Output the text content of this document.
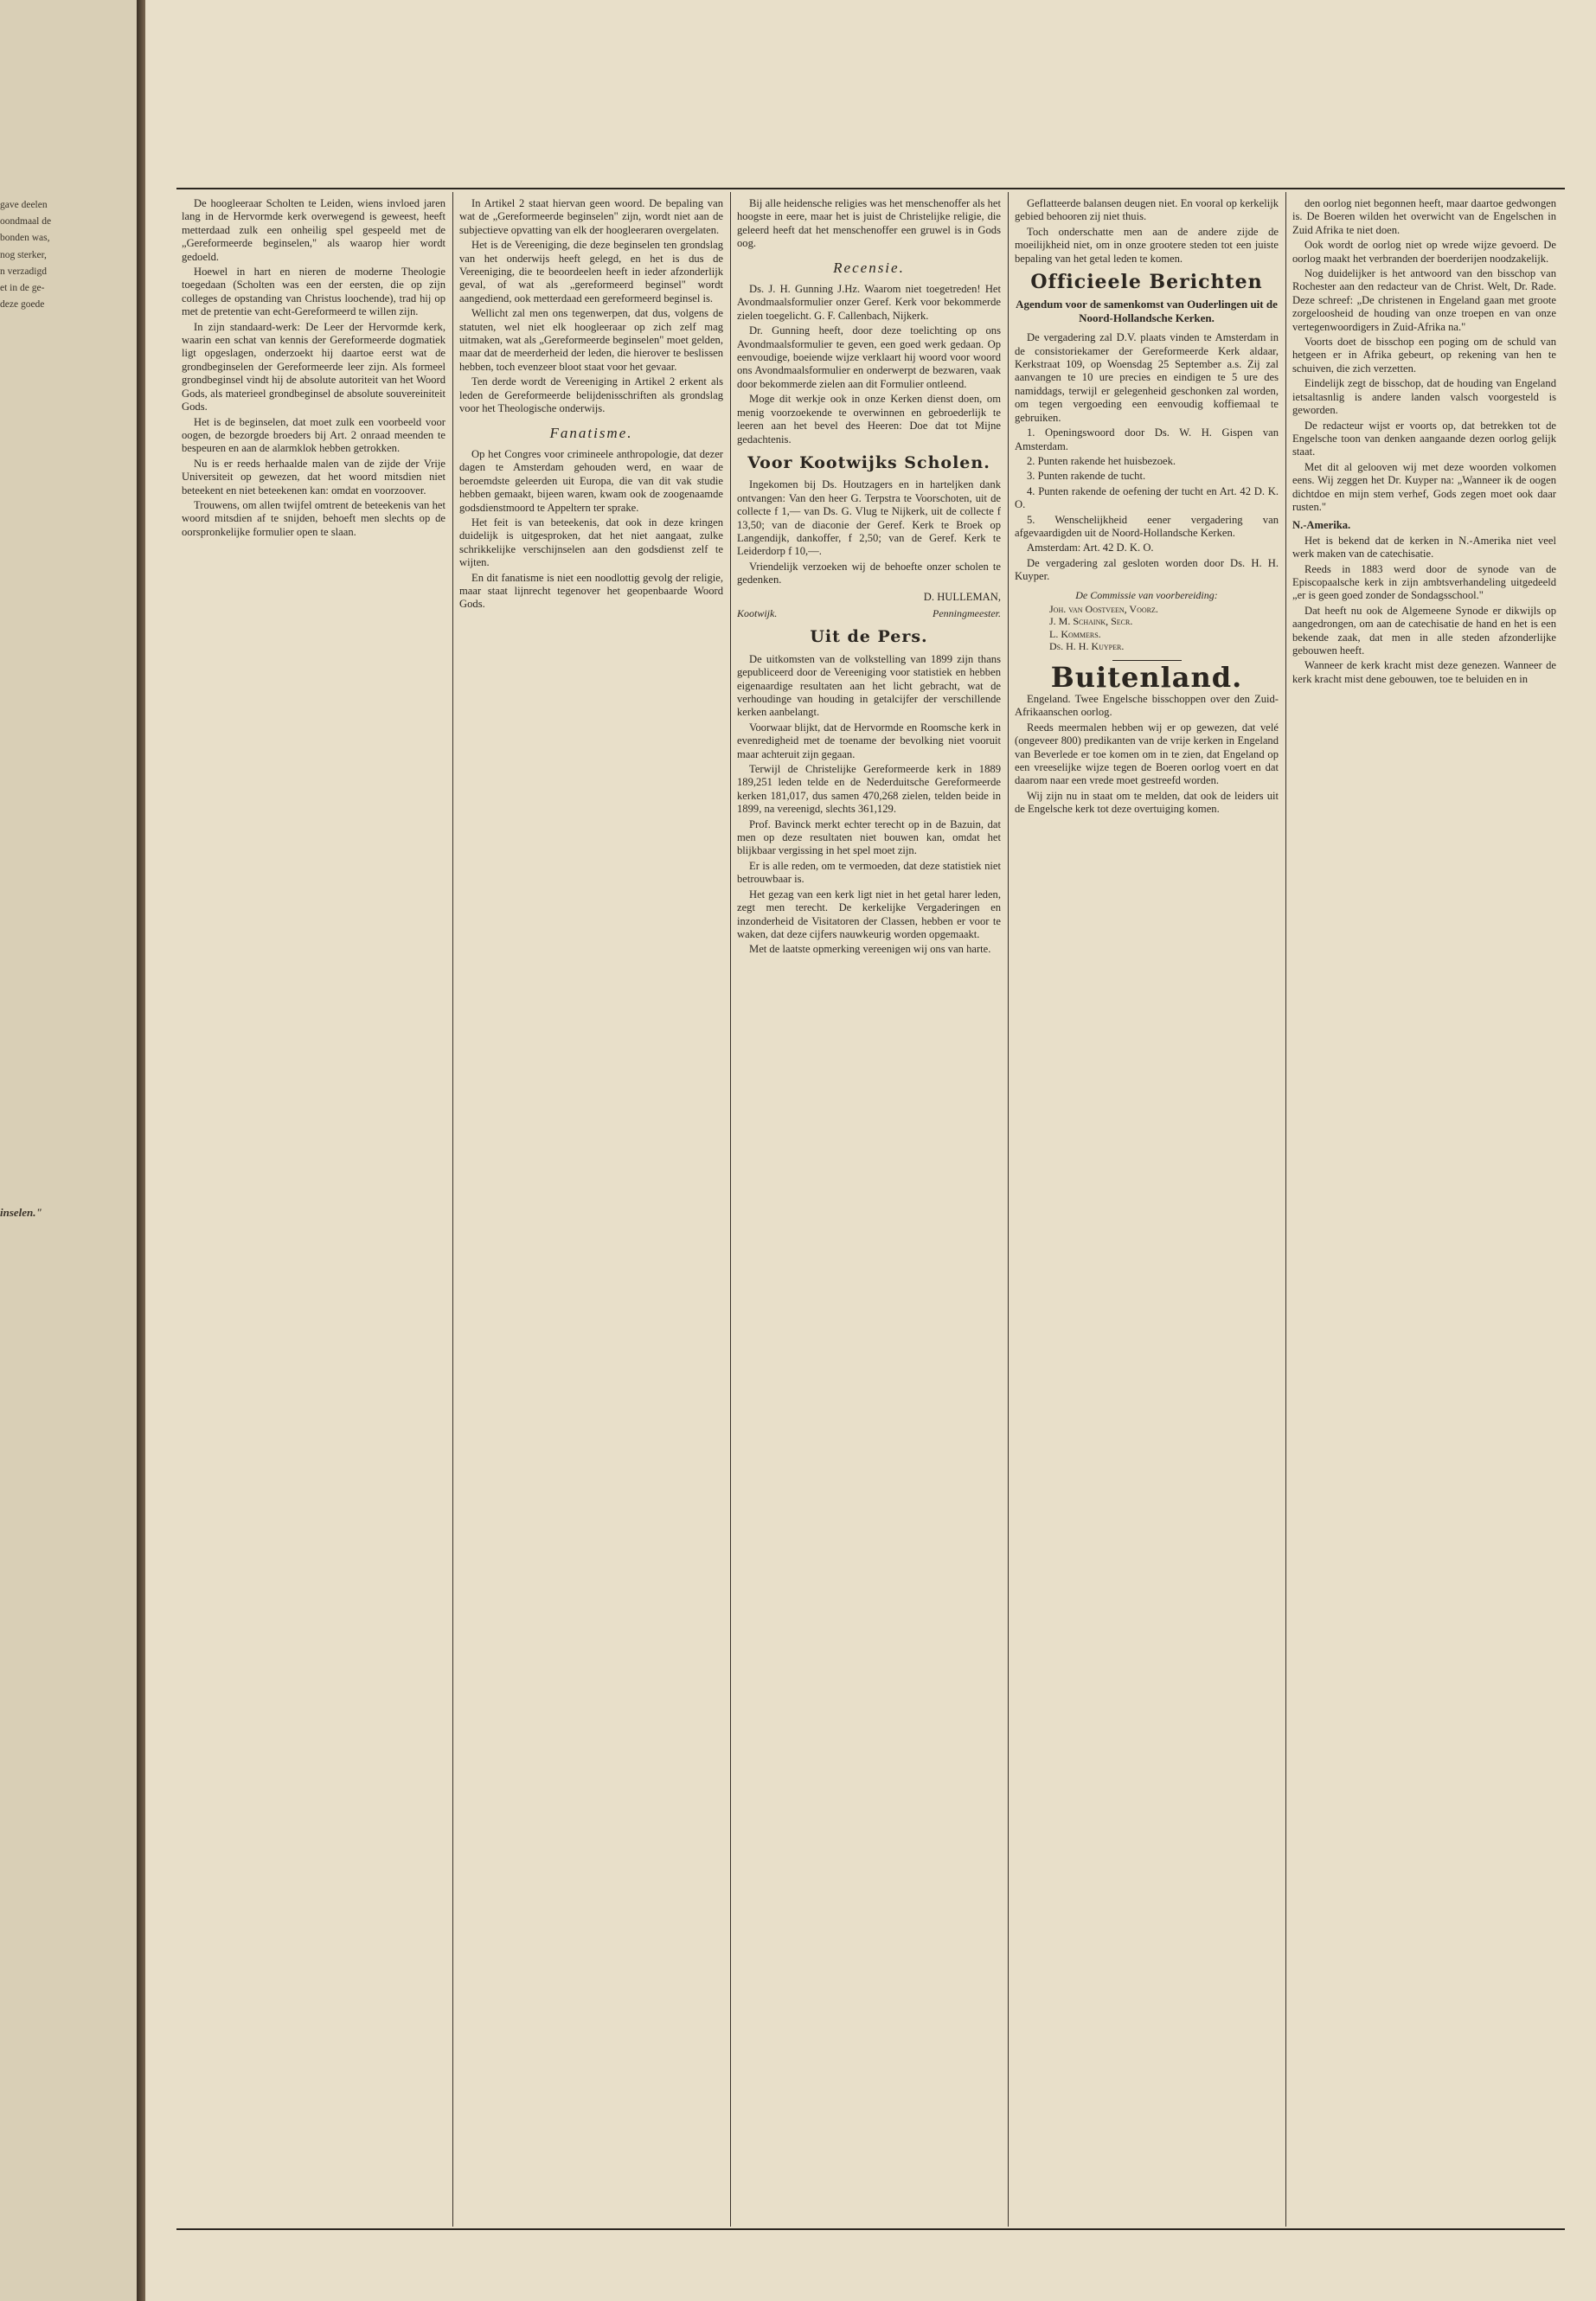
gave deelen

oondmaal de

bonden was,

nog sterker,

n verzadigd

et in de ge-

deze goede

inselen."

De hoogleeraar Scholten te Leiden, wiens invloed jaren lang in de Hervormde kerk overwegend is geweest, heeft metterdaad zulk een onheilig spel gespeeld met de „Gereformeerde beginselen," als waarop hier wordt gedoeld.

Hoewel in hart en nieren de moderne Theologie toegedaan (Scholten was een der eersten, die op zijn colleges de opstanding van Christus loochende), trad hij op met de pretentie van echt-Gereformeerd te willen zijn.

In zijn standaard-werk: De Leer der Hervormde kerk, waarin een schat van kennis der Gereformeerde dogmatiek ligt opgeslagen, onderzoekt hij daartoe eerst wat de grondbeginselen der Gereformeerde leer zijn. Als formeel grondbeginsel vindt hij de absolute autoriteit van het Woord Gods, als materieel grondbeginsel de absolute souvereiniteit Gods.

Het is de beginselen, dat moet zulk een voorbeeld voor oogen, de bezorgde broeders bij Art. 2 onraad meenden te bespeuren en aan de alarmklok hebben getrokken.

Nu is er reeds herhaalde malen van de zijde der Vrije Universiteit op gewezen, dat het woord mitsdien niet beteekent en niet beteekenen kan: omdat en voorzoover.

Trouwens, om allen twijfel omtrent de beteekenis van het woord mitsdien af te snijden, behoeft men slechts op de oorspronkelijke formulier open te slaan.

In Artikel 2 staat hiervan geen woord. De bepaling van wat de „Gereformeerde beginselen" zijn, wordt niet aan de subjectieve opvatting van elk der hoogleeraren overgelaten.

Het is de Vereeniging, die deze beginselen ten grondslag van het onderwijs heeft gelegd, en het is dus de Vereeniging, die te beoordeelen heeft in ieder afzonderlijk geval, of wat als „gereformeerd beginsel" wordt aangediend, ook metterdaad een gereformeerd beginsel is.

Wellicht zal men ons tegenwerpen, dat dus, volgens de statuten, wel niet elk hoogleeraar op zich zelf mag uitmaken, wat als „Gereformeerde beginselen" moet gelden, maar dat de meerderheid der leden, die hierover te beslissen hebben, toch evenzeer bloot staat voor het gevaar.

Ten derde wordt de Vereeniging in Artikel 2 erkent als leden de Gereformeerde belijdenisschriften als grondslag voor het Theologische onderwijs.

Fanatisme.

Op het Congres voor crimineele anthropologie, dat dezer dagen te Amsterdam gehouden werd, en waar de beroemdste geleerden uit Europa, die van dit vak studie hebben gemaakt, bijeen waren, kwam ook de zoogenaamde godsdienstmoord te Appeltern ter sprake.

Het feit is van beteekenis, dat ook in deze kringen duidelijk is uitgesproken, dat het niet aangaat, zulke schrikkelijke verschijnselen aan den godsdienst zelf te wijten.

En dit fanatisme is niet een noodlottig gevolg der religie, maar staat lijnrecht tegenover het geopenbaarde Woord Gods.

Bij alle heidensche religies was het menschenoffer als het hoogste in eere, maar het is juist de Christelijke religie, die geleerd heeft dat het menschenoffer een gruwel is in Gods oog.

Recensie.

Ds. J. H. Gunning J.Hz. Waarom niet toegetreden! Het Avondmaalsformulier onzer Geref. Kerk voor bekommerde zielen toegelicht. G. F. Callenbach, Nijkerk.

Dr. Gunning heeft, door deze toelichting op ons Avondmaalsformulier te geven, een goed werk gedaan. Op eenvoudige, boeiende wijze verklaart hij woord voor woord ons Avondmaalsformulier en onderwerpt de bezwaren, vaak door bekommerde zielen aan dit Formulier ontleend.

Moge dit werkje ook in onze Kerken dienst doen, om menig voorzoekende te overwinnen en gebroederlijk te leeren aan het bevel des Heeren: Doe dat tot Mijne gedachtenis.

Voor Kootwijks Scholen.

Ingekomen bij Ds. Houtzagers en in harteljken dank ontvangen: Van den heer G. Terpstra te Voorschoten, uit de collecte f 1,— van Ds. G. Vlug te Nijkerk, uit de collecte f 13,50; van de diaconie der Geref. Kerk te Broek op Langendijk, dankoffer, f 2,50; van de Geref. Kerk te Leiderdorp f 10,—.

Vriendelijk verzoeken wij de behoefte onzer scholen te gedenken.

D. HULLEMAN,
Kootwijk.	Penningmeester.
Uit de Pers.

De uitkomsten van de volkstelling van 1899 zijn thans gepubliceerd door de Vereeniging voor statistiek en hebben eigenaardige resultaten aan het licht gebracht, wat de verhoudinge van houding in getalcijfer der verschillende kerken aanbelangt.

Voorwaar blijkt, dat de Hervormde en Roomsche kerk in evenredigheid met de toename der bevolking niet vooruit maar achteruit zijn gegaan.

Terwijl de Christelijke Gereformeerde kerk in 1889 189,251 leden telde en de Nederduitsche Gereformeerde kerken 181,017, dus samen 470,268 zielen, telden beide in 1899, na vereenigd, slechts 361,129.

Prof. Bavinck merkt echter terecht op in de Bazuin, dat men op deze resultaten niet bouwen kan, omdat het blijkbaar vergissing in het spel moet zijn.

Er is alle reden, om te vermoeden, dat deze statistiek niet betrouwbaar is.

Het gezag van een kerk ligt niet in het getal harer leden, zegt men terecht. De kerkelijke Vergaderingen en inzonderheid de Visitatoren der Classen, hebben er voor te waken, dat deze cijfers nauwkeurig worden opgemaakt.

Met de laatste opmerking vereenigen wij ons van harte.

Geflatteerde balansen deugen niet. En vooral op kerkelijk gebied behooren zij niet thuis.

Toch onderschatte men aan de andere zijde de moeilijkheid niet, om in onze grootere steden tot een juiste bepaling van het getal leden te komen.

Officieele Berichten
Agendum voor de samenkomst van Ouderlingen uit de Noord-Hollandsche Kerken.

De vergadering zal D.V. plaats vinden te Amsterdam in de consistoriekamer der Gereformeerde Kerk aldaar, Kerkstraat 109, op Woensdag 25 September a.s. Zij zal aanvangen te 10 ure precies en eindigen te 5 ure des namiddags, terwijl er gelegenheid geschonken zal worden, om tegen vergoeding een eenvoudig koffiemaal te gebruiken.

1. Openingswoord door Ds. W. H. Gispen van Amsterdam.

2. Punten rakende het huisbezoek.

3. Punten rakende de tucht.

4. Punten rakende de oefening der tucht en Art. 42 D. K. O.

5. Wenschelijkheid eener vergadering van afgevaardigden uit de Noord-Hollandsche Kerken.

Amsterdam: Art. 42 D. K. O.

De vergadering zal gesloten worden door Ds. H. H. Kuyper.

De Commissie van voorbereiding:
Joh. van Oostveen, Voorz.
J. M. Schaink, Secr.
L. Kommers.
Ds. H. H. Kuyper.
Buitenland.

Engeland. Twee Engelsche bisschoppen over den Zuid-Afrikaanschen oorlog.

Reeds meermalen hebben wij er op gewezen, dat velé (ongeveer 800) predikanten van de vrije kerken in Engeland van Beverlede er toe komen om in te zien, dat Engeland op een vreeselijke wijze tegen de Boeren oorlog voert en dat daarom naar een vrede moet gestreefd worden.

Wij zijn nu in staat om te melden, dat ook de leiders uit de Engelsche kerk tot deze overtuiging komen.

den oorlog niet begonnen heeft, maar daartoe gedwongen is. De Boeren wilden het overwicht van de Engelschen in Zuid Afrika te niet doen.

Ook wordt de oorlog niet op wrede wijze gevoerd. De oorlog maakt het verbranden der boerderijen noodzakelijk.

Nog duidelijker is het antwoord van den bisschop van Rochester aan den redacteur van de Christ. Welt, Dr. Rade. Deze schreef: „De christenen in Engeland gaan met groote zorgeloosheid de houding van onze troepen en van onze vertegenwoordigers in Zuid-Afrika na."

Voorts doet de bisschop een poging om de schuld van hetgeen er in Afrika gebeurt, op rekening van hen te schuiven, die zich verzetten.

Eindelijk zegt de bisschop, dat de houding van Engeland ietsaltasnlig is andere landen valsch voorgesteld is geworden.

De redacteur wijst er voorts op, dat betrekken tot de Engelsche toon van denken aangaande dezen oorlog gelijk staat.

Met dit al gelooven wij met deze woorden volkomen eens. Wij zeggen het Dr. Kuyper na: „Wanneer ik de oogen dichtdoe en mijn stem verhef, Gods zegen moet ook daar rusten."

N.-Amerika.

Het is bekend dat de kerken in N.-Amerika niet veel werk maken van de catechisatie.

Reeds in 1883 werd door de synode van de Episcopaalsche kerk in zijn ambtsverhandeling uitgedeeld „er is geen goed zonder de Sondagsschool."

Dat heeft nu ook de Algemeene Synode er dikwijls op aangedrongen, om aan de catechisatie de hand en het is een bekende zaak, dat men in alle steden afzonderlijke gebouwen heeft.

Wanneer de kerk kracht mist deze genezen. Wanneer de kerk kracht mist dene gebouwen, toe te beluiden en in
